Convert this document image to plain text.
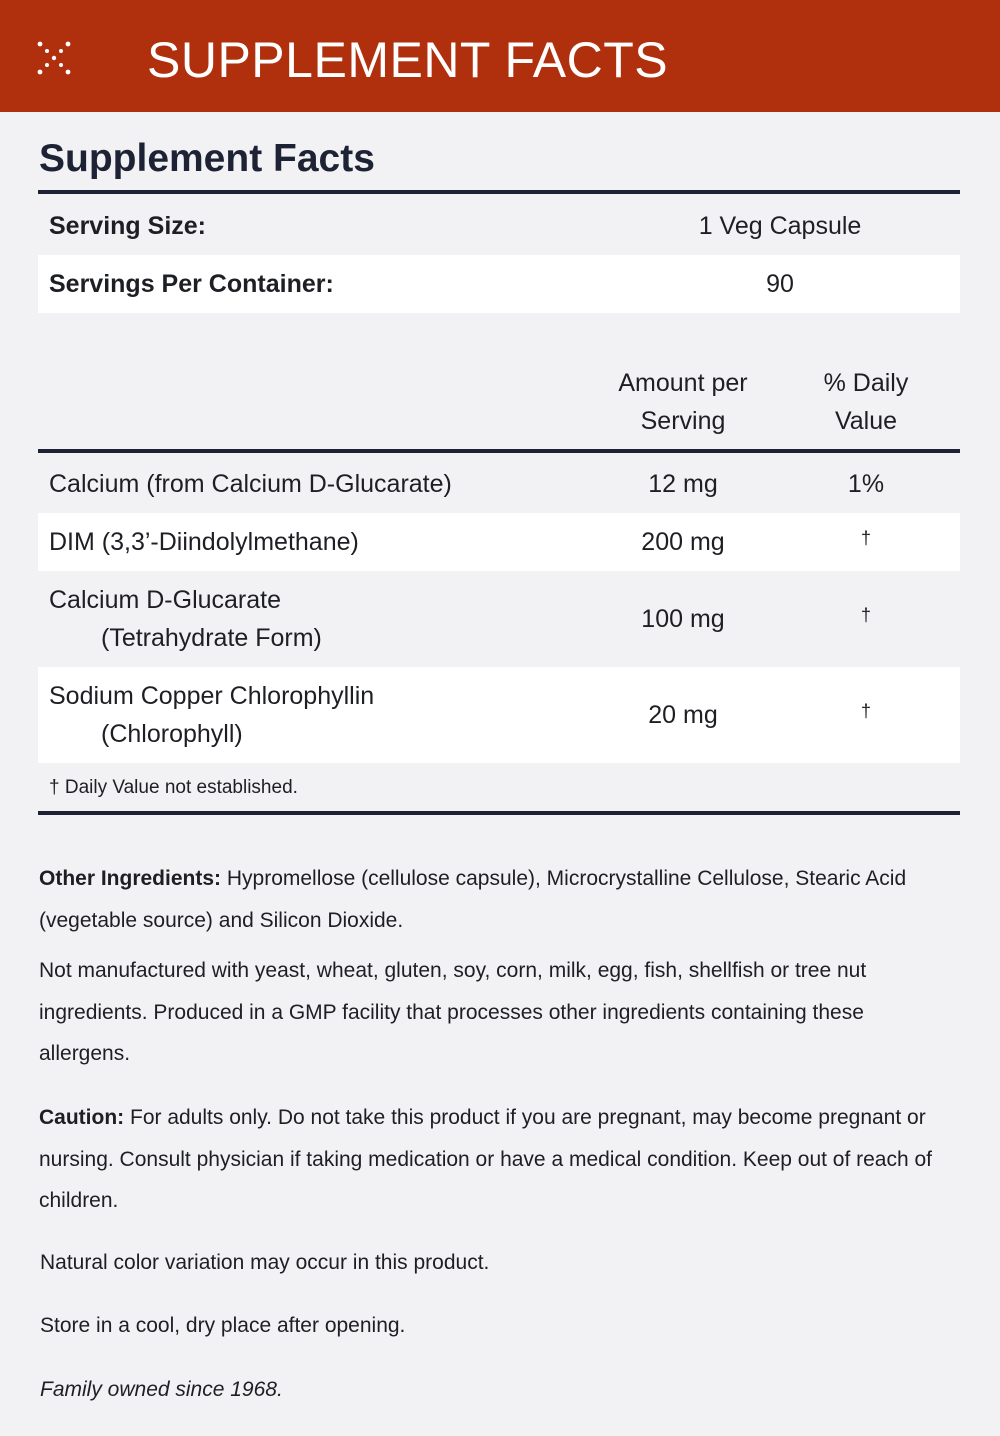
SUPPLEMENT FACTS
Supplement Facts
Serving Size:	1 Veg Capsule
Servings Per Container:	90
Amount per
Serving
% Daily
Value
Calcium (from Calcium D-Glucarate)	12 mg	1%
DIM (3,3’-Diindolylmethane)	200 mg	†
Calcium D-Glucarate
(Tetrahydrate Form)
100 mg	†
Sodium Copper Chlorophyllin
(Chlorophyll)
20 mg	†
† Daily Value not established.
Other Ingredients: Hypromellose (cellulose capsule), Microcrystalline Cellulose, Stearic Acid (vegetable source) and Silicon Dioxide.
Not manufactured with yeast, wheat, gluten, soy, corn, milk, egg, fish, shellfish or tree nut ingredients. Produced in a GMP facility that processes other ingredients containing these allergens.
Caution: For adults only. Do not take this product if you are pregnant, may become pregnant or nursing. Consult physician if taking medication or have a medical condition. Keep out of reach of children.
Natural color variation may occur in this product.
Store in a cool, dry place after opening.
Family owned since 1968.
